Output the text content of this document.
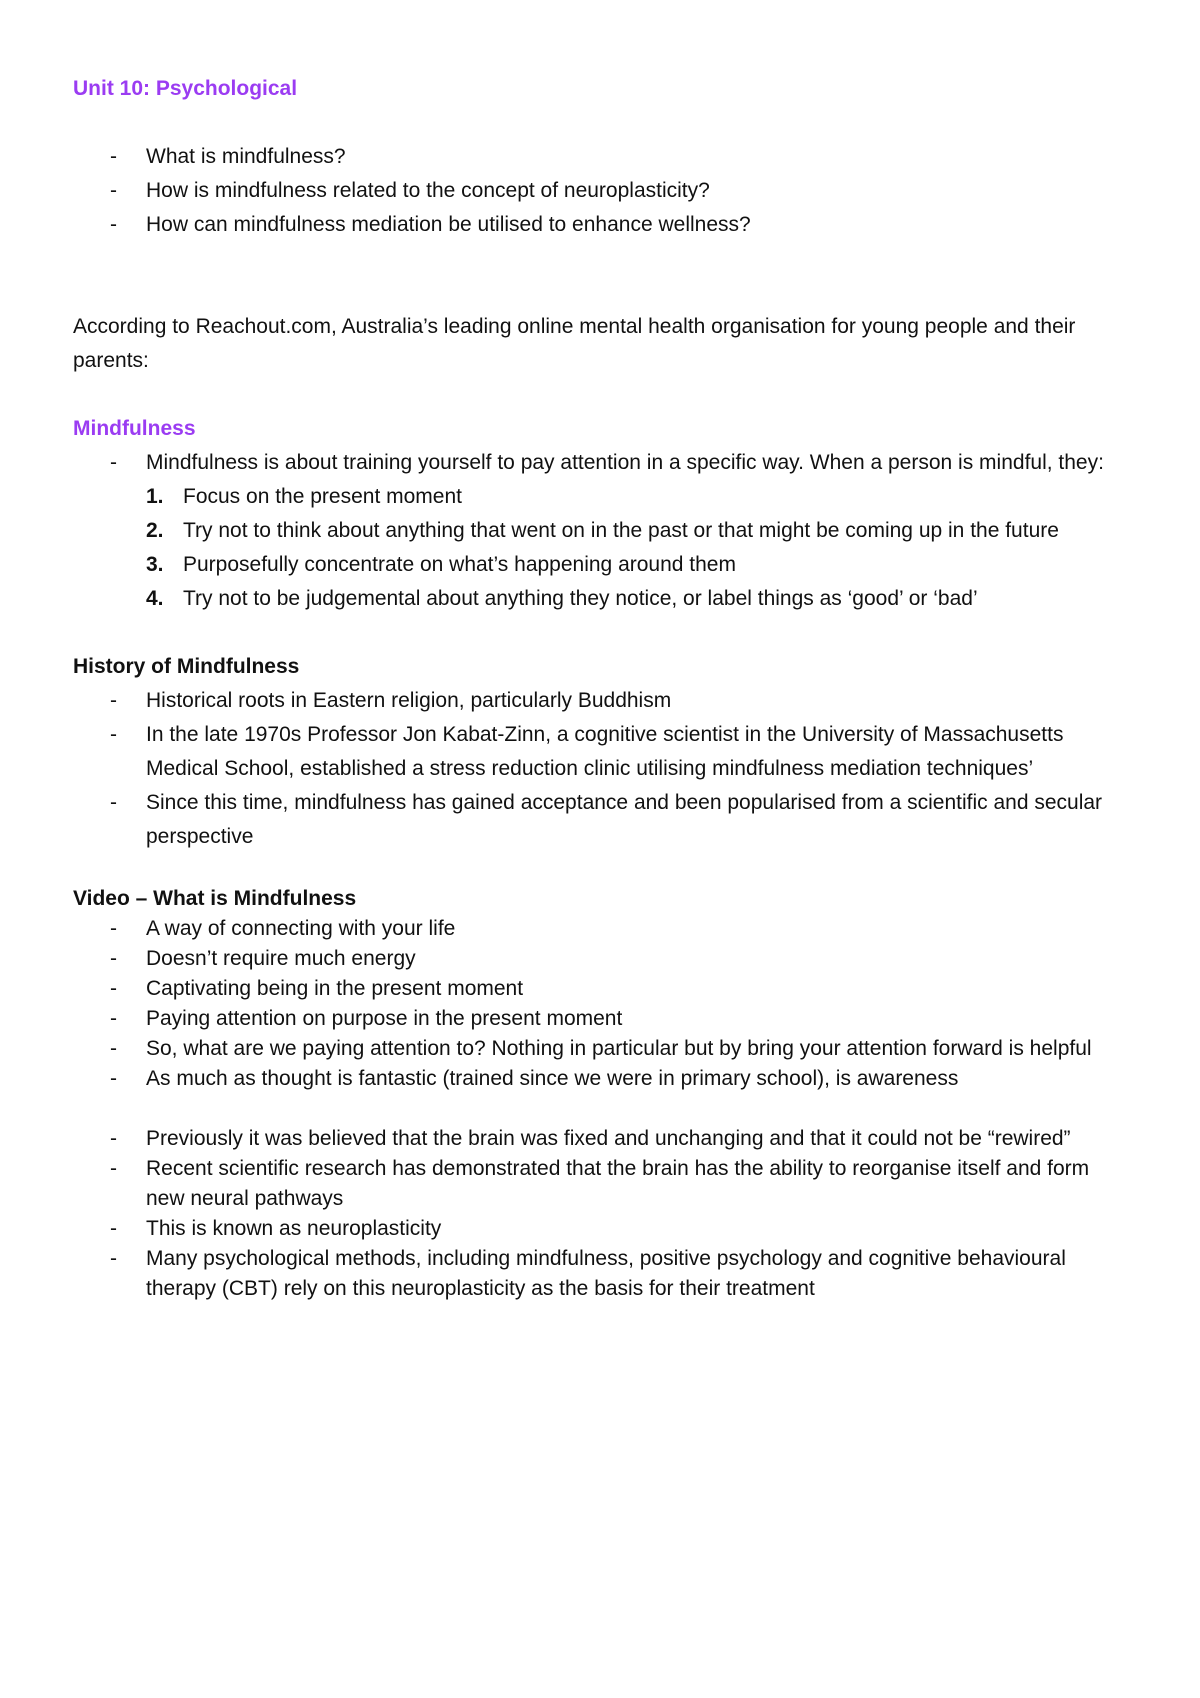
Unit 10: Psychological

- What is mindfulness?
- How is mindfulness related to the concept of neuroplasticity?
- How can mindfulness mediation be utilised to enhance wellness?

According to Reachout.com, Australia’s leading online mental health organisation for young people and their parents:

Mindfulness

- Mindfulness is about training yourself to pay attention in a specific way. When a person is mindful, they:
1. Focus on the present moment
2. Try not to think about anything that went on in the past or that might be coming up in the future
3. Purposefully concentrate on what’s happening around them
4. Try not to be judgemental about anything they notice, or label things as ‘good’ or ‘bad’

History of Mindfulness

- Historical roots in Eastern religion, particularly Buddhism
- In the late 1970s Professor Jon Kabat-Zinn, a cognitive scientist in the University of Massachusetts Medical School, established a stress reduction clinic utilising mindfulness mediation techniques’
- Since this time, mindfulness has gained acceptance and been popularised from a scientific and secular perspective

Video – What is Mindfulness

- A way of connecting with your life
- Doesn’t require much energy
- Captivating being in the present moment
- Paying attention on purpose in the present moment
- So, what are we paying attention to? Nothing in particular but by bring your attention forward is helpful
- As much as thought is fantastic (trained since we were in primary school), is awareness
- Previously it was believed that the brain was fixed and unchanging and that it could not be “rewired”
- Recent scientific research has demonstrated that the brain has the ability to reorganise itself and form new neural pathways
- This is known as neuroplasticity
- Many psychological methods, including mindfulness, positive psychology and cognitive behavioural therapy (CBT) rely on this neuroplasticity as the basis for their treatment
